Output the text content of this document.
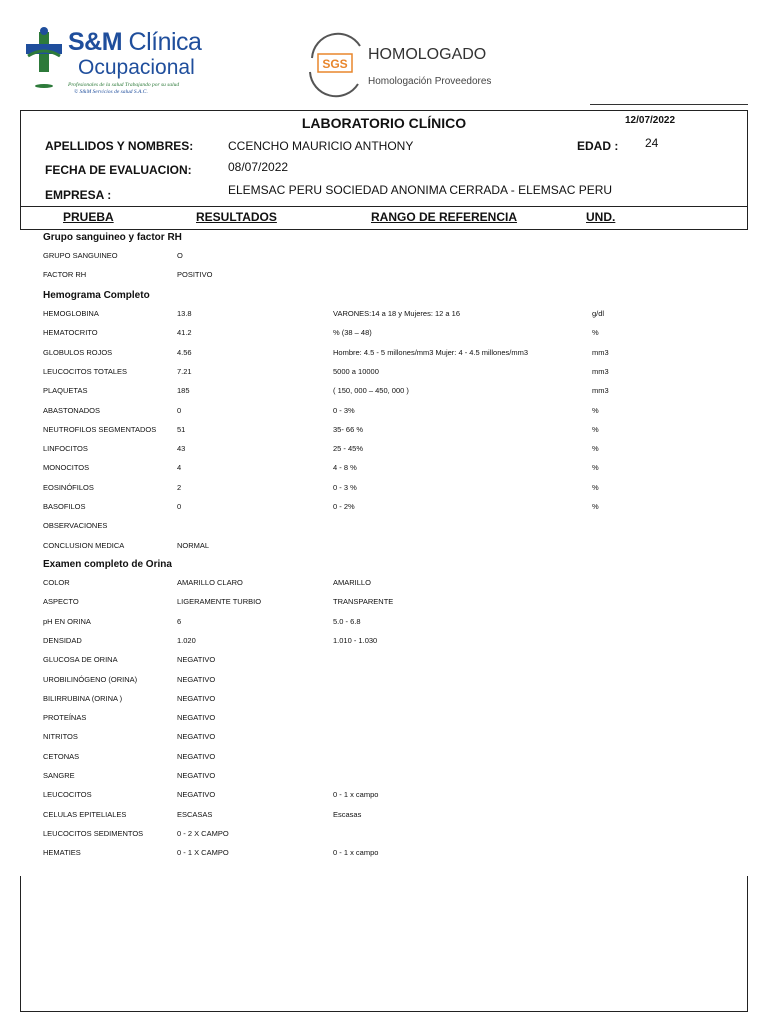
S&M Clínica
Ocupacional
Profesionales de la salud Trabajando por su salud
© S&M Servicios de salud S.A.C.
SGS
HOMOLOGADO
Homologación Proveedores
LABORATORIO CLÍNICO	12/07/2022
APELLIDOS Y NOMBRES:	CCENCHO MAURICIO ANTHONY	EDAD : 24
FECHA DE EVALUACION:	08/07/2022
EMPRESA :	ELEMSAC PERU SOCIEDAD ANONIMA CERRADA - ELEMSAC PERU
PRUEBA	RESULTADOS	RANGO DE REFERENCIA	UND.
Grupo sanguineo y factor RH
GRUPO SANGUINEO	O
FACTOR RH	POSITIVO
Hemograma Completo
HEMOGLOBINA	13.8	VARONES:14 a 18 y Mujeres: 12 a 16	g/dl
HEMATOCRITO	41.2	% (38 – 48)	%
GLOBULOS ROJOS	4.56	Hombre: 4.5 - 5 millones/mm3 Mujer: 4 - 4.5 millones/mm3	mm3
LEUCOCITOS TOTALES	7.21	5000 a 10000	mm3
PLAQUETAS	185	( 150, 000 – 450, 000 )	mm3
ABASTONADOS	0	0 - 3%	%
NEUTROFILOS SEGMENTADOS	51	35- 66 %	%
LINFOCITOS	43	25 - 45%	%
MONOCITOS	4	4 - 8 %	%
EOSINÓFILOS	2	0 - 3 %	%
BASOFILOS	0	0 - 2%	%
OBSERVACIONES
CONCLUSION MEDICA	NORMAL
Examen completo de Orina
COLOR	AMARILLO CLARO	AMARILLO
ASPECTO	LIGERAMENTE TURBIO	TRANSPARENTE
pH EN ORINA	6	5.0 - 6.8
DENSIDAD	1.020	1.010 - 1.030
GLUCOSA DE ORINA	NEGATIVO
UROBILINÓGENO (ORINA)	NEGATIVO
BILIRRUBINA (ORINA )	NEGATIVO
PROTEÍNAS	NEGATIVO
NITRITOS	NEGATIVO
CETONAS	NEGATIVO
SANGRE	NEGATIVO
LEUCOCITOS	NEGATIVO	0 - 1 x campo
CELULAS EPITELIALES	ESCASAS	Escasas
LEUCOCITOS SEDIMENTOS	0 - 2 X CAMPO
HEMATIES	0 - 1 X CAMPO	0 - 1 x campo
